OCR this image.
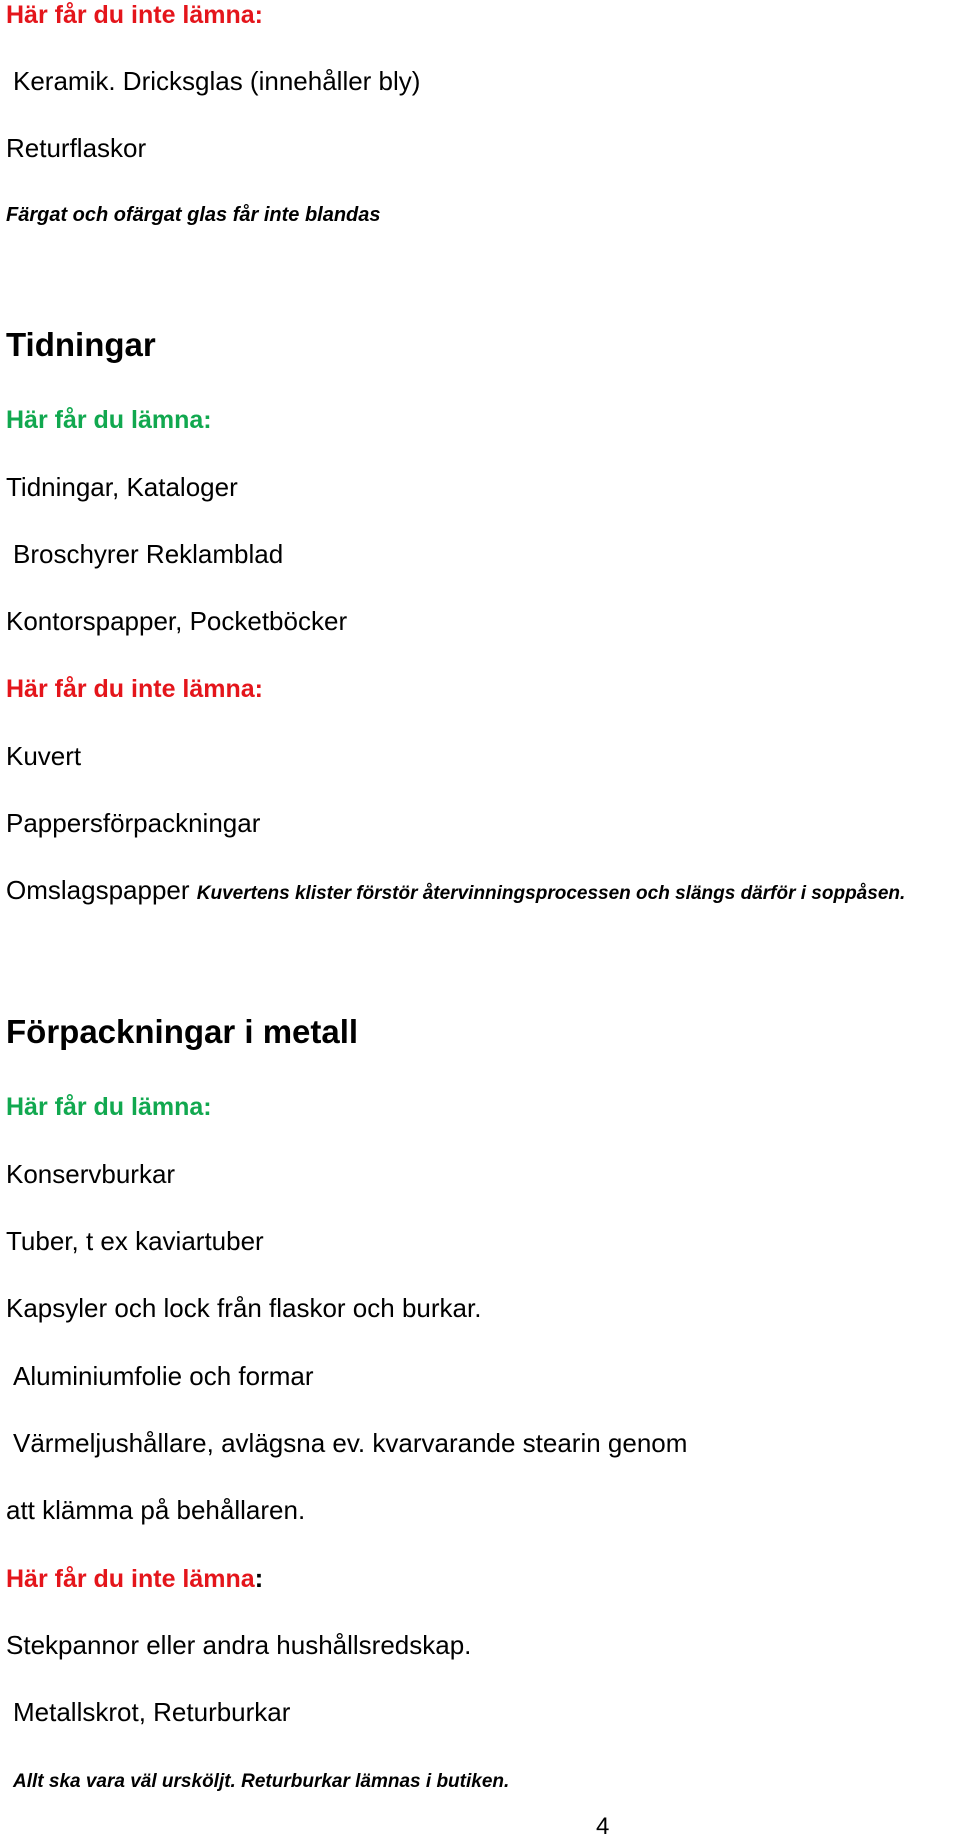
Här får du inte lämna:
Keramik. Dricksglas (innehåller bly)
Returflaskor
Färgat och ofärgat glas får inte blandas
Tidningar
Här får du lämna:
Tidningar, Kataloger
Broschyrer Reklamblad
Kontorspapper, Pocketböcker
Här får du inte lämna:
Kuvert
Pappersförpackningar
Omslagspapper Kuvertens klister förstör återvinningsprocessen och slängs därför i soppåsen.
Förpackningar i metall
Här får du lämna:
Konservburkar
Tuber, t ex kaviartuber
Kapsyler och lock från flaskor och burkar.
Aluminiumfolie och formar
Värmeljushållare, avlägsna ev. kvarvarande stearin genom
att klämma på behållaren.
Här får du inte lämna:
Stekpannor eller andra hushållsredskap.
Metallskrot, Returburkar
Allt ska vara väl ursköljt. Returburkar lämnas i butiken.
4
